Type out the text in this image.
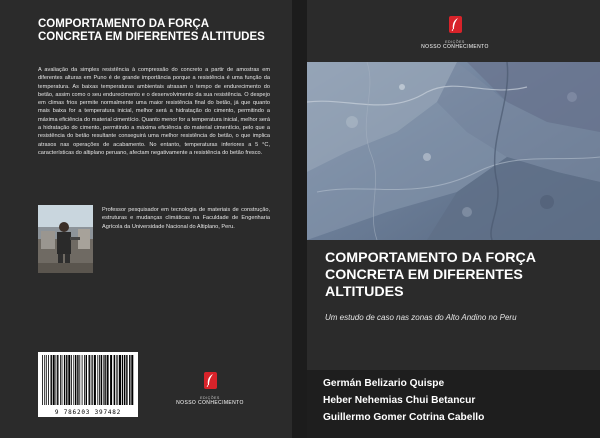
COMPORTAMENTO DA FORÇA CONCRETA EM DIFERENTES ALTITUDES
A avaliação da simples resistência à compressão do concreto a partir de amostras em diferentes alturas em Puno é de grande importância porque a resistência é uma função da temperatura. As baixas temperaturas ambientais atrasam o tempo de endurecimento do betão, assim como o seu endurecimento e o desenvolvimento da sua resistência. O despejo em climas frios permite normalmente uma maior resistência final do betão, já que quanto mais baixa for a temperatura inicial, melhor será a hidratação do cimento, permitindo a máxima eficiência do material cimentício. Quanto menor for a temperatura inicial, melhor será a hidratação do cimento, permitindo a máxima eficiência do material cimentício, pelo que a resistência do betão resultante conseguirá uma melhor resistência do betão, o que implica atrasos nas operações de acabamento. No entanto, temperaturas inferiores a 5 °C, características do altiplano peruano, afectam negativamente a resistência do betão fresco.
Professor pesquisador em tecnologia de materiais de construção, estruturas e mudanças climáticas na Faculdade de Engenharia Agrícola da Universidade Nacional do Altiplano, Peru.
9 786203 397482
EDIÇÕES
NOSSO CONHECIMENTO
EDIÇÕES
NOSSO CONHECIMENTO
COMPORTAMENTO DA FORÇA CONCRETA EM DIFERENTES ALTITUDES
Um estudo de caso nas zonas do Alto Andino no Peru
Germán Belizario Quispe
Heber Nehemias Chui Betancur
Guillermo Gomer Cotrina Cabello
